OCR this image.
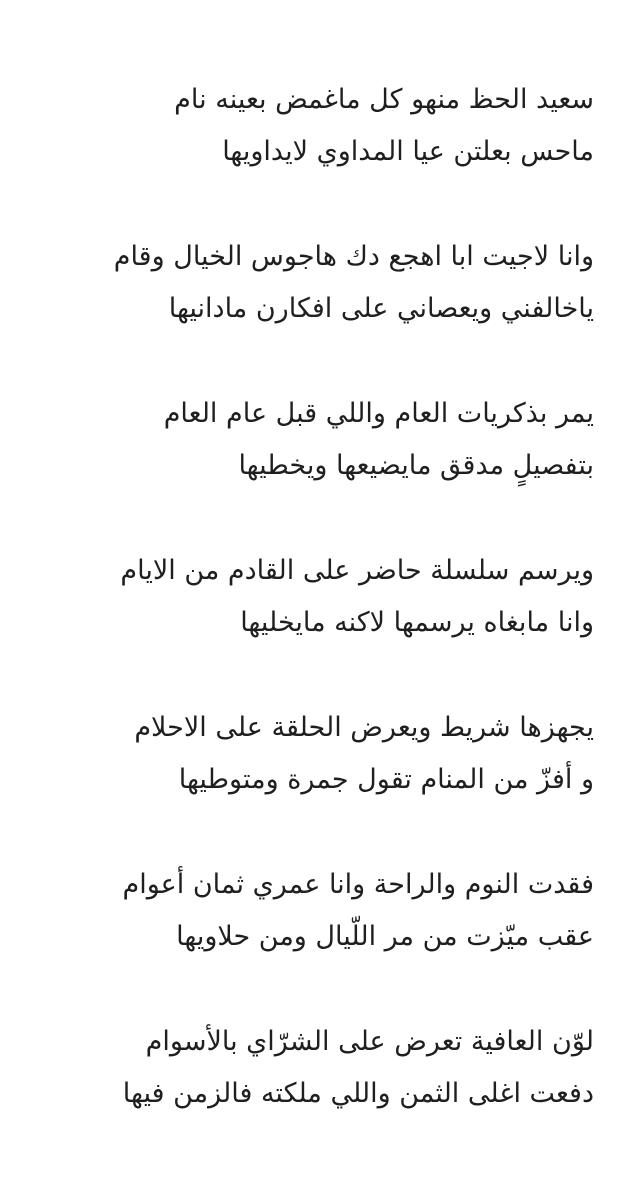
سعيد الحظ منهو كل ماغمض بعينه نام

ماحس بعلتن عيا المداوي لايداويها

وانا لاجيت ابا اهجع دك هاجوس الخيال وقام

ياخالفني ويعصاني على افكارن مادانيها

يمر بذكريات العام واللي قبل عام العام

بتفصيلٍ مدقق مايضيعها ويخطيها

ويرسم سلسلة حاضر على القادم من الايام

وانا مابغاه يرسمها لاكنه مايخليها

يجهزها شريط ويعرض الحلقة على الاحلام

و أفزّ من المنام تقول جمرة ومتوطيها

فقدت النوم والراحة وانا عمري ثمان أعوام

عقب ميّزت من مر اللّيال ومن حلاويها

لوّن العافية تعرض على الشرّاي بالأسوام

دفعت اغلى الثمن واللي ملكته فالزمن فيها
